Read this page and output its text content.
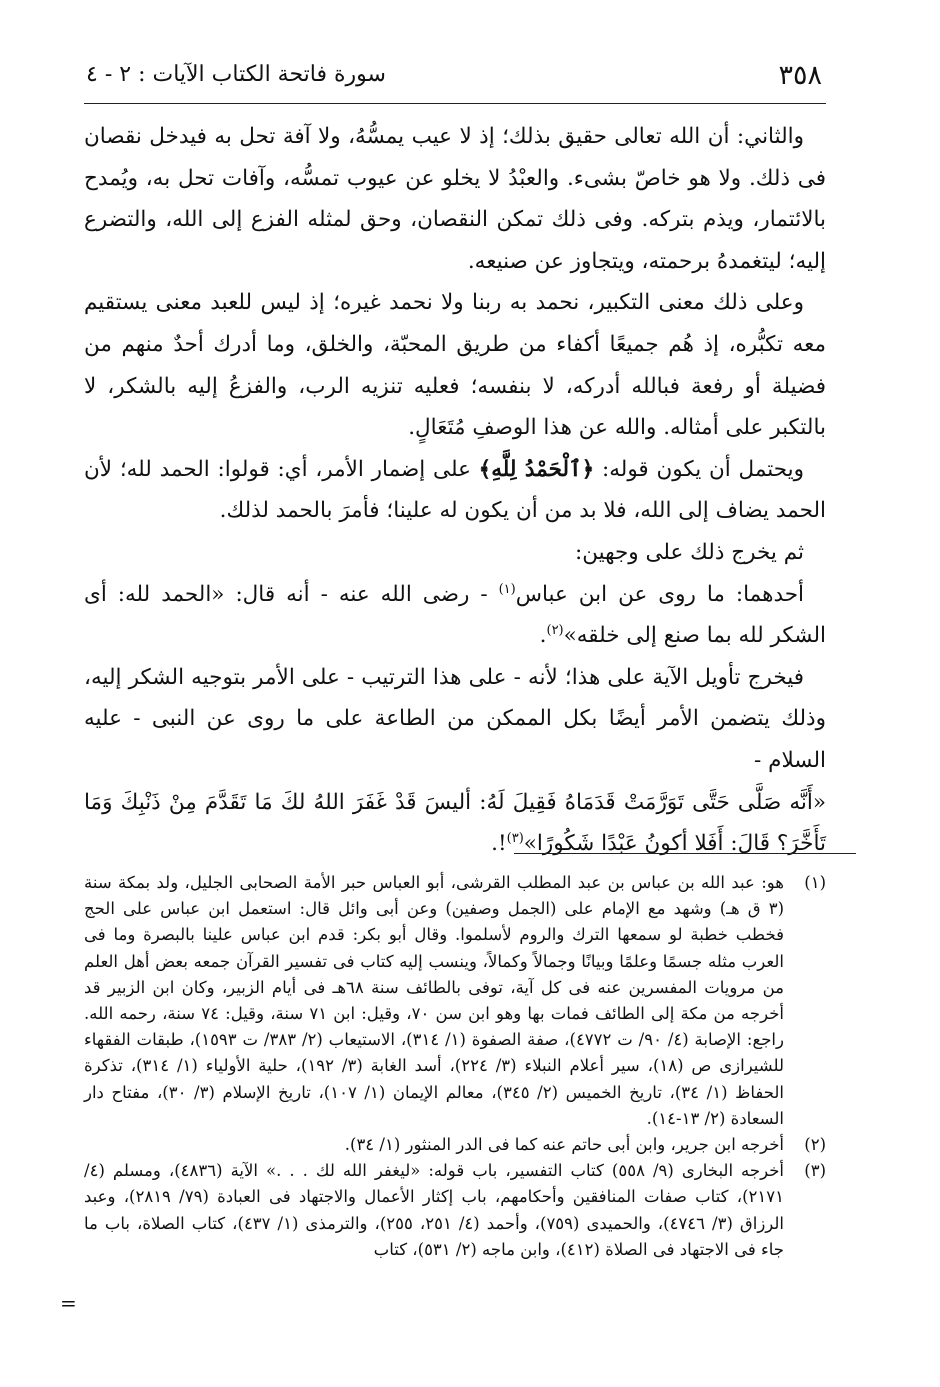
٣٥٨
سورة فاتحة الكتاب الآيات : ٢ - ٤

والثاني: أن الله تعالى حقيق بذلك؛ إذ لا عيب يمسُّهُ، ولا آفة تحل به فيدخل نقصان فى ذلك. ولا هو خاصّ بشىء. والعبْدُ لا يخلو عن عيوب تمسُّه، وآفات تحل به، ويُمدح بالائتمار، ويذم بتركه. وفى ذلك تمكن النقصان، وحق لمثله الفزع إلى الله، والتضرع إليه؛ ليتغمدهُ برحمته، ويتجاوز عن صنيعه.

وعلى ذلك معنى التكبير، نحمد به ربنا ولا نحمد غيره؛ إذ ليس للعبد معنى يستقيم معه تكبُّره، إذ هُم جميعًا أكفاء من طريق المحبّة، والخلق، وما أدرك أحدٌ منهم من فضيلة أو رفعة فبالله أدركه، لا بنفسه؛ فعليه تنزيه الرب، والفزعُ إليه بالشكر، لا بالتكبر على أمثاله. والله عن هذا الوصفِ مُتَعَالٍ.

ويحتمل أن يكون قوله: ﴿ٱلْحَمْدُ لِلَّهِ﴾ على إضمار الأمر، أي: قولوا: الحمد لله؛ لأن الحمد يضاف إلى الله، فلا بد من أن يكون له علينا؛ فأمرَ بالحمد لذلك.

ثم يخرج ذلك على وجهين:

أحدهما: ما روى عن ابن عباس$^{(١)}$ - رضى الله عنه - أنه قال: «الحمد لله: أى الشكر لله بما صنع إلى خلقه»$^{(٢)}$.

فيخرج تأويل الآية على هذا؛ لأنه - على هذا الترتيب - على الأمر بتوجيه الشكر إليه، وذلك يتضمن الأمر أيضًا بكل الممكن من الطاعة على ما روى عن النبى - عليه السلام -

«أَنَّه صَلَّى حَتَّى تَوَرَّمَتْ قَدَمَاهُ فَقِيلَ لَهُ: أليسَ قَدْ غَفَرَ اللهُ لكَ مَا تَقَدَّمَ مِنْ ذَنْبِكَ وَمَا تَأَخَّرَ؟ قَالَ: أَفَلا أكونُ عَبْدًا شَكُورًا»$^{(٣)}$!.

(١)
هو: عبد الله بن عباس بن عبد المطلب القرشى، أبو العباس حبر الأمة الصحابى الجليل، ولد بمكة سنة (٣ ق هـ) وشهد مع الإمام على (الجمل وصفين) وعن أبى وائل قال: استعمل ابن عباس على الحج فخطب خطبة لو سمعها الترك والروم لأسلموا. وقال أبو بكر: قدم ابن عباس علينا بالبصرة وما فى العرب مثله جسمًا وعلمًا وبيانًا وجمالاً وكمالاً، وينسب إليه كتاب فى تفسير القرآن جمعه بعض أهل العلم من مرويات المفسرين عنه فى كل آية، توفى بالطائف سنة ٦٨هـ فى أيام الزبير، وكان ابن الزبير قد أخرجه من مكة إلى الطائف فمات بها وهو ابن سن ٧٠، وقيل: ابن ٧١ سنة، وقيل: ٧٤ سنة، رحمه الله. راجع: الإصابة (٤/ ٩٠/ ت ٤٧٧٢)، صفة الصفوة (١/ ٣١٤)، الاستيعاب (٢/ ٣٨٣/ ت ١٥٩٣)، طبقات الفقهاء للشيرازى ص (١٨)، سير أعلام النبلاء (٣/ ٢٢٤)، أسد الغابة (٣/ ١٩٢)، حلية الأولياء (١/ ٣١٤)، تذكرة الحفاظ (١/ ٣٤)، تاريخ الخميس (٢/ ٣٤٥)، معالم الإيمان (١/ ١٠٧)، تاريخ الإسلام (٣/ ٣٠)، مفتاح دار السعادة (٢/ ١٣-١٤).
(٢)
أخرجه ابن جرير، وابن أبى حاتم عنه كما فى الدر المنثور (١/ ٣٤).
(٣)
أخرجه البخارى (٩/ ٥٥٨) كتاب التفسير، باب قوله: «ليغفر الله لك . . .» الآية (٤٨٣٦)، ومسلم (٤/ ٢١٧١)، كتاب صفات المنافقين وأحكامهم، باب إكثار الأعمال والاجتهاد فى العبادة (٧٩/ ٢٨١٩)، وعبد الرزاق (٣/ ٤٧٤٦)، والحميدى (٧٥٩)، وأحمد (٤/ ٢٥١، ٢٥٥)، والترمذى (١/ ٤٣٧)، كتاب الصلاة، باب ما جاء فى الاجتهاد فى الصلاة (٤١٢)، وابن ماجه (٢/ ٥٣١)، كتاب
=
